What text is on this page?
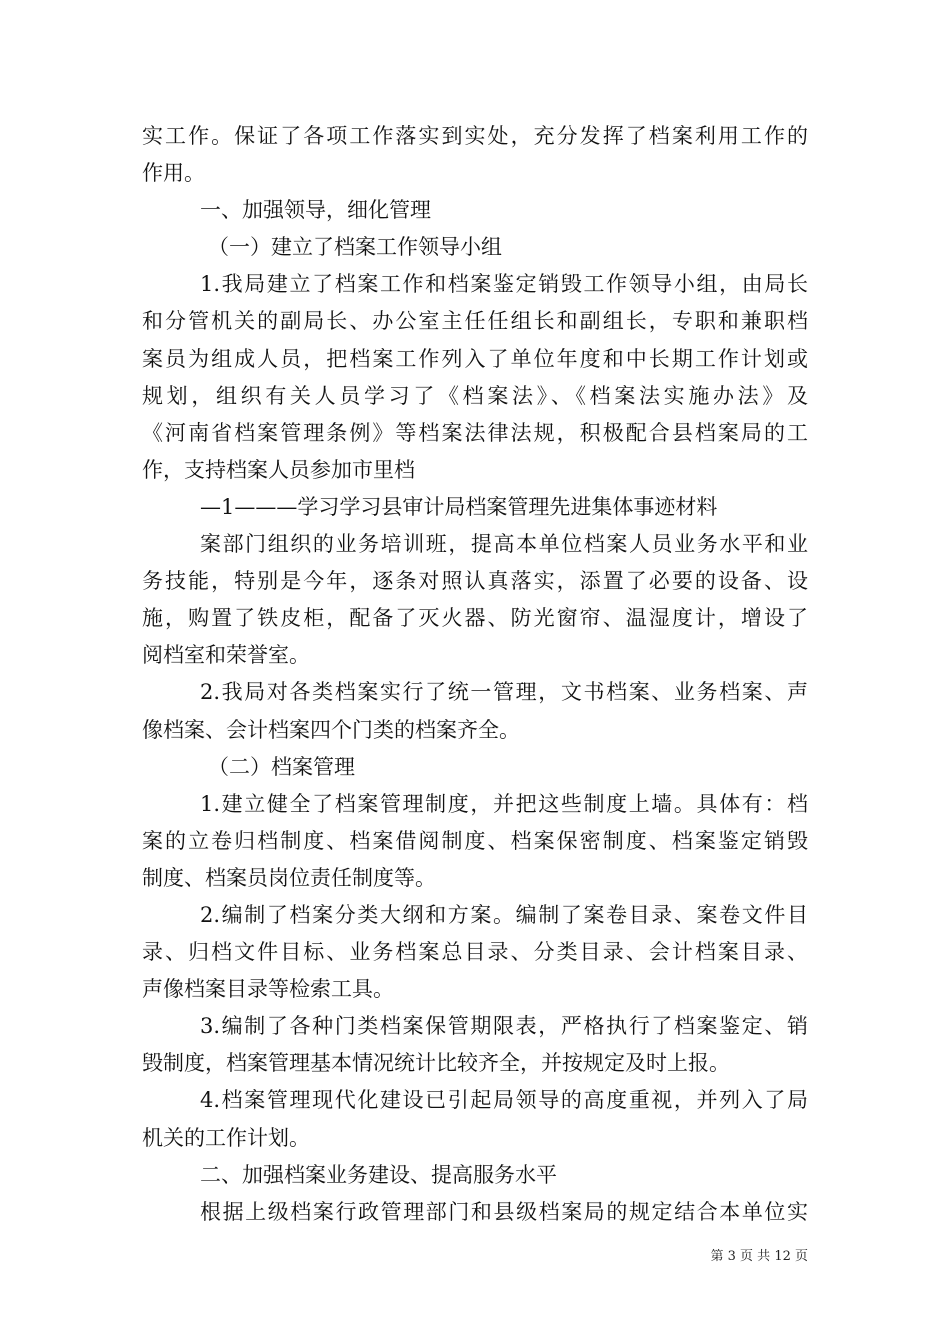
实工作。保证了各项工作落实到实处，充分发挥了档案利用工作的
作用。
一、加强领导，细化管理
（一）建立了档案工作领导小组
1.我局建立了档案工作和档案鉴定销毁工作领导小组，由局长
和分管机关的副局长、办公室主任任组长和副组长，专职和兼职档
案员为组成人员，把档案工作列入了单位年度和中长期工作计划或
规划，组织有关人员学习了《档案法》、《档案法实施办法》及
《河南省档案管理条例》等档案法律法规，积极配合县档案局的工
作，支持档案人员参加市里档
—1———学习学习县审计局档案管理先进集体事迹材料
案部门组织的业务培训班，提高本单位档案人员业务水平和业
务技能，特别是今年，逐条对照认真落实，添置了必要的设备、设
施，购置了铁皮柜，配备了灭火器、防光窗帘、温湿度计，增设了
阅档室和荣誉室。
2.我局对各类档案实行了统一管理，文书档案、业务档案、声
像档案、会计档案四个门类的档案齐全。
（二）档案管理
1.建立健全了档案管理制度，并把这些制度上墙。具体有：档
案的立卷归档制度、档案借阅制度、档案保密制度、档案鉴定销毁
制度、档案员岗位责任制度等。
2.编制了档案分类大纲和方案。编制了案卷目录、案卷文件目
录、归档文件目标、业务档案总目录、分类目录、会计档案目录、
声像档案目录等检索工具。
3.编制了各种门类档案保管期限表，严格执行了档案鉴定、销
毁制度，档案管理基本情况统计比较齐全，并按规定及时上报。
4.档案管理现代化建设已引起局领导的高度重视，并列入了局
机关的工作计划。
二、加强档案业务建设、提高服务水平
根据上级档案行政管理部门和县级档案局的规定结合本单位实
第 3 页 共 12 页
